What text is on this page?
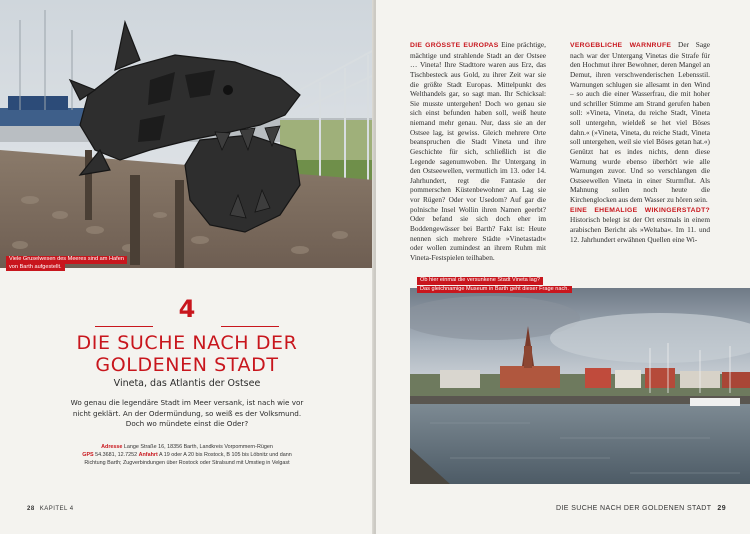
Viele Gruselwesen des Meeres sind am Hafen
von Barth aufgestellt.
4
DIE SUCHE NACH DER
GOLDENEN STADT
Vineta, das Atlantis der Ostsee
Wo genau die legendäre Stadt im Meer versank, ist nach wie vor
nicht geklärt. An der Odermündung, so weiß es der Volksmund.
Doch wo mündete einst die Oder?
Adresse Lange Straße 16, 18356 Barth, Landkreis Vorpommern-Rügen
GPS 54.3681, 12.7252 Anfahrt A 19 oder A 20 bis Rostock, B 105 bis Löbnitz und dann
Richtung Barth; Zugverbindungen über Rostock oder Stralsund mit Umstieg in Velgast
28 KAPITEL 4

DIE GRÖSSTE EUROPAS Eine prächtige, mächtige und strahlende Stadt an der Ostsee … Vineta! Ihre Stadttore waren aus Erz, das Tischbesteck aus Gold, zu ihrer Zeit war sie die größte Stadt Europas. Mittelpunkt des Welthandels gar, so sagt man. Ihr Schicksal: Sie musste untergehen! Doch wo genau sie sich einst befunden haben soll, weiß heute niemand mehr genau. Nur, dass sie an der Ostsee lag, ist gewiss. Gleich mehrere Orte beanspruchen die Stadt Vineta und ihre Geschichte für sich, schließlich ist die Legende sagenumwoben. Ihr Untergang in den Ostseewellen, vermutlich im 13. oder 14. Jahrhundert, regt die Fantasie der pommerschen Küstenbewohner an. Lag sie vor Rügen? Oder vor Usedom? Auf gar die polnische Insel Wollin ihren Namen geerbt? Oder befand sie sich doch eher im Boddengewässer bei Barth? Fakt ist: Heute nennen sich mehrere Städte »Vinetastadt« oder wollen zumindest an ihrem Ruhm mit Vineta-Festspielen teilhaben.

VERGEBLICHE WARNRUFE Der Sage nach war der Untergang Vinetas die Strafe für den Hochmut ihrer Bewohner, deren Mangel an Demut, ihren verschwenderischen Lebensstil. Warnungen schlugen sie allesamt in den Wind – so auch die einer Wasserfrau, die mit hoher und schriller Stimme am Strand gerufen haben soll: »Vineta, Vineta, du reiche Stadt, Vineta soll untergehn, wieldeß se het viel Böses dahn.« (»Vineta, Vineta, du reiche Stadt, Vineta soll untergehen, weil sie viel Böses getan hat.«) Genützt hat es indes nichts, denn diese Warnung wurde ebenso überhört wie alle Warnungen zuvor. Und so verschlangen die Ostseewellen Vineta in einer Sturmflut. Als Mahnung sollen noch heute die Kirchenglocken aus dem Wasser zu hören sein.

EINE EHEMALIGE WIKINGERSTADT? Historisch belegt ist der Ort erstmals in einem arabischen Bericht als »Weltaba«. Im 11. und 12. Jahrhundert erwähnen Quellen eine Wi-

Ob hier einmal die versunkene Stadt Vineta lag?
Das gleichnamige Museum in Barth geht dieser Frage nach.
DIE SUCHE NACH DER GOLDENEN STADT 29
